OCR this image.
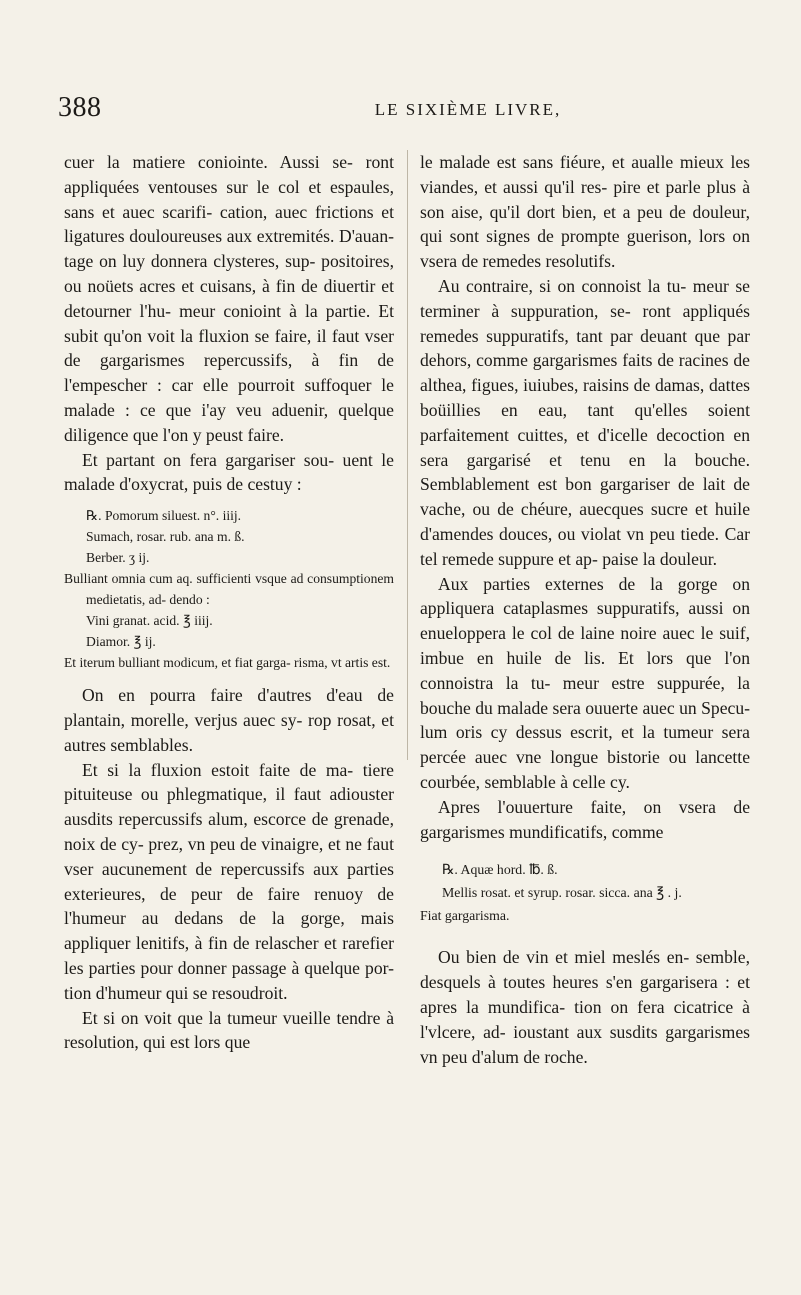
388	LE SIXIÈME LIVRE,

cuer la matiere coniointe. Aussi se- ront appliquées ventouses sur le col et espaules, sans et auec scarifi- cation, auec frictions et ligatures douloureuses aux extremités. D'auan- tage on luy donnera clysteres, sup- positoires, ou noüets acres et cuisans, à fin de diuertir et detourner l'hu- meur conioint à la partie. Et subit qu'on voit la fluxion se faire, il faut vser de gargarismes repercussifs, à fin de l'empescher : car elle pourroit suffoquer le malade : ce que i'ay veu aduenir, quelque diligence que l'on y peust faire.

Et partant on fera gargariser sou- uent le malade d'oxycrat, puis de cestuy :

℞. Pomorum siluest. n°. iiij.
Sumach, rosar. rub. ana m. ß.
Berber. ʒ ij.
Bulliant omnia cum aq. sufficienti vsque ad consumptionem medietatis, ad- dendo :
Vini granat. acid. ℥ iiij.
Diamor. ℥ ij.
Et iterum bulliant modicum, et fiat garga- risma, vt artis est.

On en pourra faire d'autres d'eau de plantain, morelle, verjus auec sy- rop rosat, et autres semblables.

Et si la fluxion estoit faite de ma- tiere pituiteuse ou phlegmatique, il faut adiouster ausdits repercussifs alum, escorce de grenade, noix de cy- prez, vn peu de vinaigre, et ne faut vser aucunement de repercussifs aux parties exterieures, de peur de faire renuoy de l'humeur au dedans de la gorge, mais appliquer lenitifs, à fin de relascher et rarefier les parties pour donner passage à quelque por- tion d'humeur qui se resoudroit.

Et si on voit que la tumeur vueille tendre à resolution, qui est lors que

le malade est sans fiéure, et aualle mieux les viandes, et aussi qu'il res- pire et parle plus à son aise, qu'il dort bien, et a peu de douleur, qui sont signes de prompte guerison, lors on vsera de remedes resolutifs.

Au contraire, si on connoist la tu- meur se terminer à suppuration, se- ront appliqués remedes suppuratifs, tant par deuant que par dehors, comme gargarismes faits de racines de althea, figues, iuiubes, raisins de damas, dattes boüillies en eau, tant qu'elles soient parfaitement cuittes, et d'icelle decoction en sera gargarisé et tenu en la bouche. Semblablement est bon gargariser de lait de vache, ou de chéure, auecques sucre et huile d'amendes douces, ou violat vn peu tiede. Car tel remede suppure et ap- paise la douleur.

Aux parties externes de la gorge on appliquera cataplasmes suppuratifs, aussi on enueloppera le col de laine noire auec le suif, imbue en huile de lis. Et lors que l'on connoistra la tu- meur estre suppurée, la bouche du malade sera ouuerte auec un Specu- lum oris cy dessus escrit, et la tumeur sera percée auec vne longue bistorie ou lancette courbée, semblable à celle cy.

Apres l'ouuerture faite, on vsera de gargarismes mundificatifs, comme

℞. Aquæ hord. ℔. ß.
Mellis rosat. et syrup. rosar. sicca. ana ℥ . j.
Fiat gargarisma.

Ou bien de vin et miel meslés en- semble, desquels à toutes heures s'en gargarisera : et apres la mundifica- tion on fera cicatrice à l'vlcere, ad- ioustant aux susdits gargarismes vn peu d'alum de roche.
